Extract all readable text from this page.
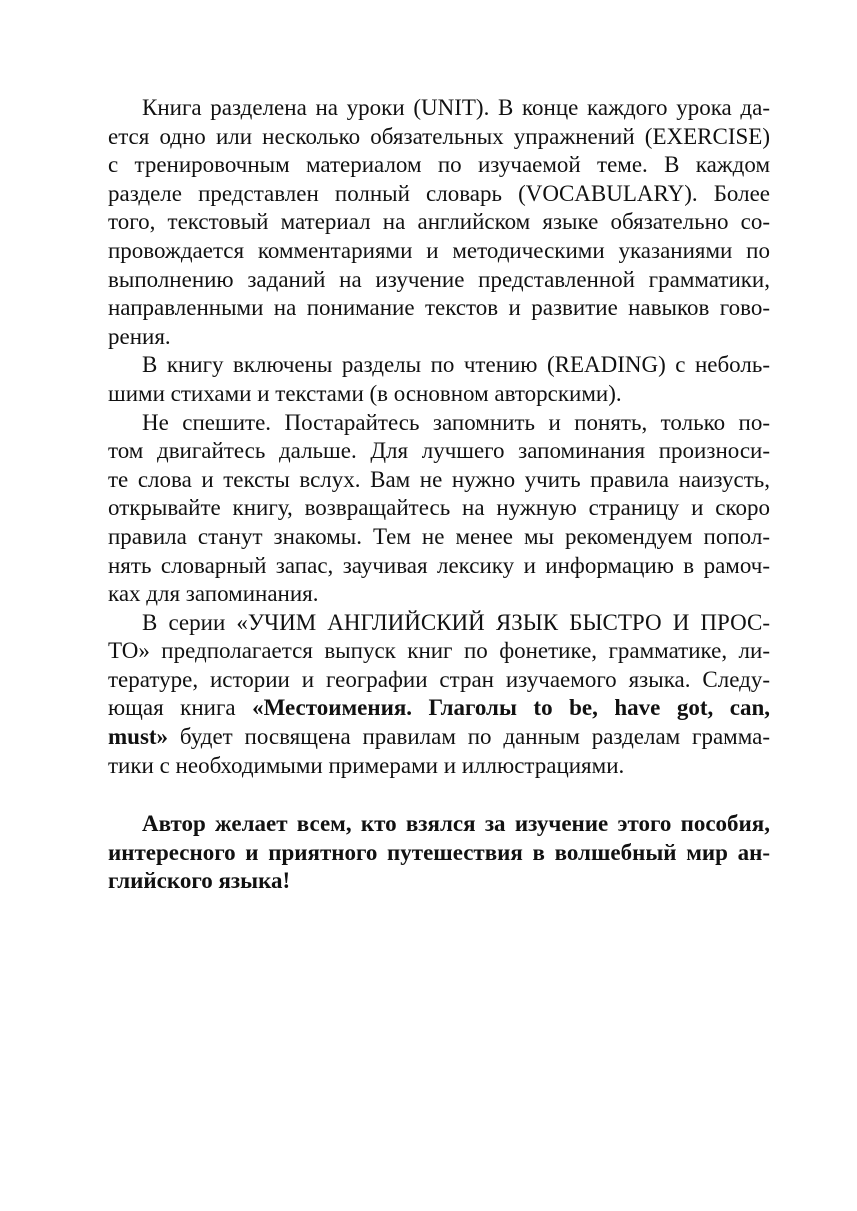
Книга разделена на уроки (UNIT). В конце каждого урока да-
ется одно или несколько обязательных упражнений (EXERCISE)
с тренировочным материалом по изучаемой теме. В каждом
разделе представлен полный словарь (VOCABULARY). Более
того, текстовый материал на английском языке обязательно со-
провождается комментариями и методическими указаниями по
выполнению заданий на изучение представленной грамматики,
направленными на понимание текстов и развитие навыков гово-
рения.
В книгу включены разделы по чтению (READING) с неболь-
шими стихами и текстами (в основном авторскими).
Не спешите. Постарайтесь запомнить и понять, только по-
том двигайтесь дальше. Для лучшего запоминания произноси-
те слова и тексты вслух. Вам не нужно учить правила наизусть,
открывайте книгу, возвращайтесь на нужную страницу и скоро
правила станут знакомы. Тем не менее мы рекомендуем попол-
нять словарный запас, заучивая лексику и информацию в рамоч-
ках для запоминания.
В серии «УЧИМ АНГЛИЙСКИЙ ЯЗЫК БЫСТРО И ПРОС-
ТО» предполагается выпуск книг по фонетике, грамматике, ли-
тературе, истории и географии стран изучаемого языка. Следу-
ющая книга «Местоимения. Глаголы to be, have got, can,
must» будет посвящена правилам по данным разделам грамма-
тики с необходимыми примерами и иллюстрациями.
Автор желает всем, кто взялся за изучение этого пособия,
интересного и приятного путешествия в волшебный мир ан-
глийского языка!
